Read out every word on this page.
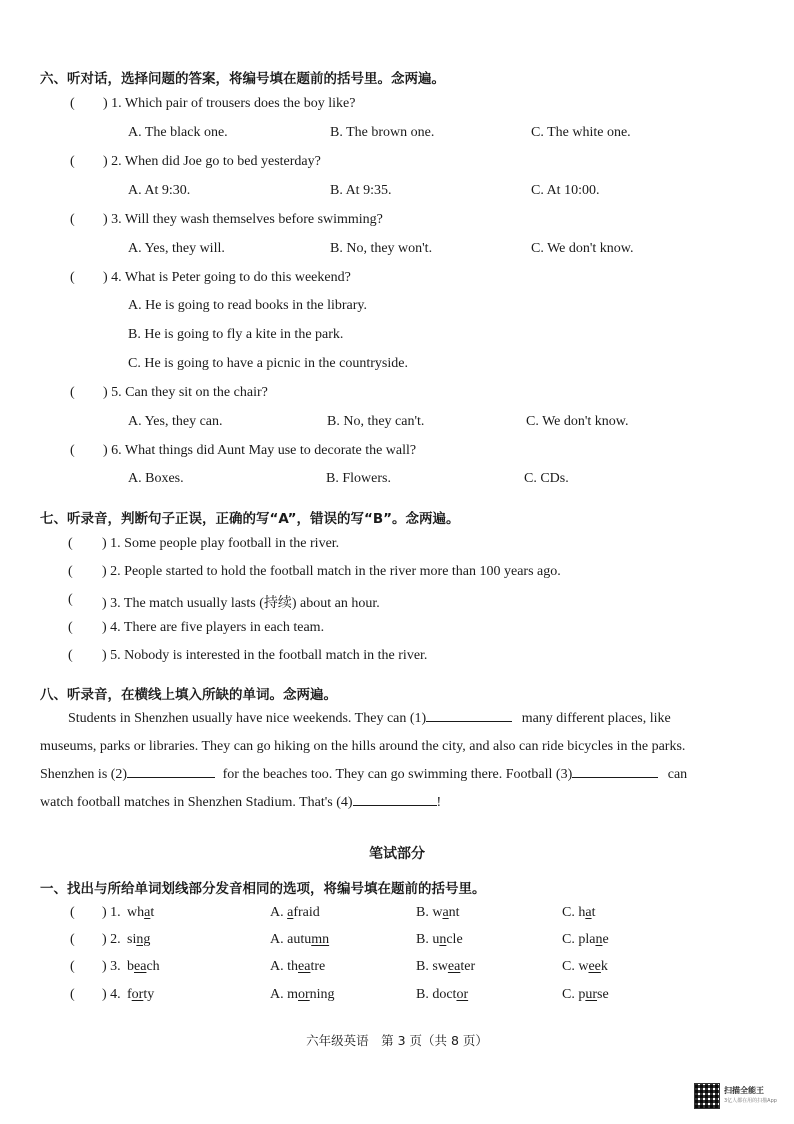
六、听对话，选择问题的答案，将编号填在题前的括号里。念两遍。
( ) 1. Which pair of trousers does the boy like?
A. The black one.	B. The brown one.	C. The white one.
( ) 2. When did Joe go to bed yesterday?
A. At 9:30.	B. At 9:35.	C. At 10:00.
( ) 3. Will they wash themselves before swimming?
A. Yes, they will.	B. No, they won't.	C. We don't know.
( ) 4. What is Peter going to do this weekend?
A. He is going to read books in the library.
B. He is going to fly a kite in the park.
C. He is going to have a picnic in the countryside.
( ) 5. Can they sit on the chair?
A. Yes, they can.	B. No, they can't.	C. We don't know.
( ) 6. What things did Aunt May use to decorate the wall?
A. Boxes.	B. Flowers.	C. CDs.
七、听录音，判断句子正误，正确的写“A”，错误的写“B”。念两遍。
( ) 1. Some people play football in the river.
( ) 2. People started to hold the football match in the river more than 100 years ago.
( ) 3. The match usually lasts (持续) about an hour.
( ) 4. There are five players in each team.
( ) 5. Nobody is interested in the football match in the river.
八、听录音，在横线上填入所缺的单词。念两遍。
Students in Shenzhen usually have nice weekends. They can (1)	many different places, like
museums, parks or libraries. They can go hiking on the hills around the city, and also can ride bicycles in the parks.
Shenzhen is (2)	for the beaches too. They can go swimming there. Football (3)	can
watch football matches in Shenzhen Stadium. That's (4)	!
笔试部分
一、找出与所给单词划线部分发音相同的选项，将编号填在题前的括号里。
( ) 1. what	A. afraid	B. want	C. hat
( ) 2. sing	A. autumn	B. uncle	C. plane
( ) 3. beach	A. theatre	B. sweater	C. week
( ) 4. forty	A. morning	B. doctor	C. purse
六年级英语　第 3 页（共 8 页）
扫描全能王
3亿人都在用的扫描App
